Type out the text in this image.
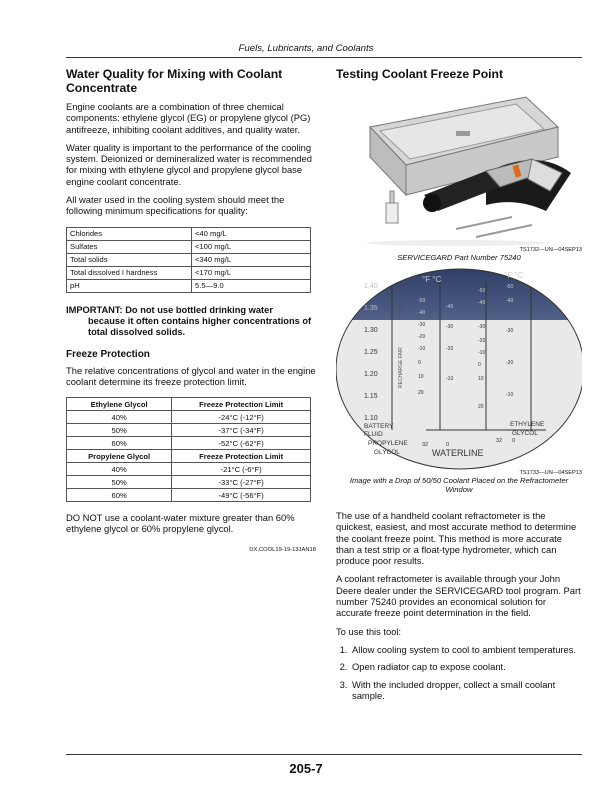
Fuels, Lubricants, and Coolants
Water Quality for Mixing with Coolant Concentrate

Engine coolants are a combination of three chemical components: ethylene glycol (EG) or propylene glycol (PG) antifreeze, inhibiting coolant additives, and quality water.

Water quality is important to the performance of the cooling system. Deionized or demineralized water is recommended for mixing with ethylene glycol and propylene glycol base engine coolant concentrate.

All water used in the cooling system should meet the following minimum specifications for quality:

Chlorides	<40 mg/L
Sulfates	<100 mg/L
Total solids	<340 mg/L
Total dissolved I hardness	<170 mg/L
pH	5.5—9.0
IMPORTANT: Do not use bottled drinking water
because it often contains higher concentrations of total dissolved solids.
Freeze Protection

The relative concentrations of glycol and water in the engine coolant determine its freeze protection limit.

Ethylene Glycol	Freeze Protection Limit
40%	-24°C (-12°F)
50%	-37°C (-34°F)
60%	-52°C (-62°F)
Propylene Glycol	Freeze Protection Limit
40%	-21°C (-6°F)
50%	-33°C (-27°F)
60%	-49°C (-56°F)

DO NOT use a coolant-water mixture greater than 60% ethylene glycol or 60% propylene glycol.

DX,COOL19-19-13JAN18
Testing Coolant Freeze Point
TS1732—UN—04SEP13
SERVICEGARD Part Number 75240
1.40
1.35
1.30
1.25
1.20
1.15
1.10
GOOD
RECHARGE FAIR
°F °C	°F °C
-50
-40
-30
-20
-10
0
10
20
-45
-30
-20
-10
-50
-40
-30
-20
-10
0
10
20
-50
-40
-30
-20
-10
BATTERY
FLUID
PROPYLENE
GLYCOL
ETHYLENE
GLYCOL
32	0
32 0
WATERLINE
TS1733—UN—04SEP13
Image with a Drop of 50/50 Coolant Placed on the Refractometer Window

The use of a handheld coolant refractometer is the quickest, easiest, and most accurate method to determine the coolant freeze point. This method is more accurate than a test strip or a float-type hydrometer, which can produce poor results.

A coolant refractometer is available through your John Deere dealer under the SERVICEGARD tool program. Part number 75240 provides an economical solution for accurate freeze point determination in the field.

To use this tool:

1. Allow cooling system to cool to ambient temperatures.
2. Open radiator cap to expose coolant.
3. With the included dropper, collect a small coolant sample.
205-7
